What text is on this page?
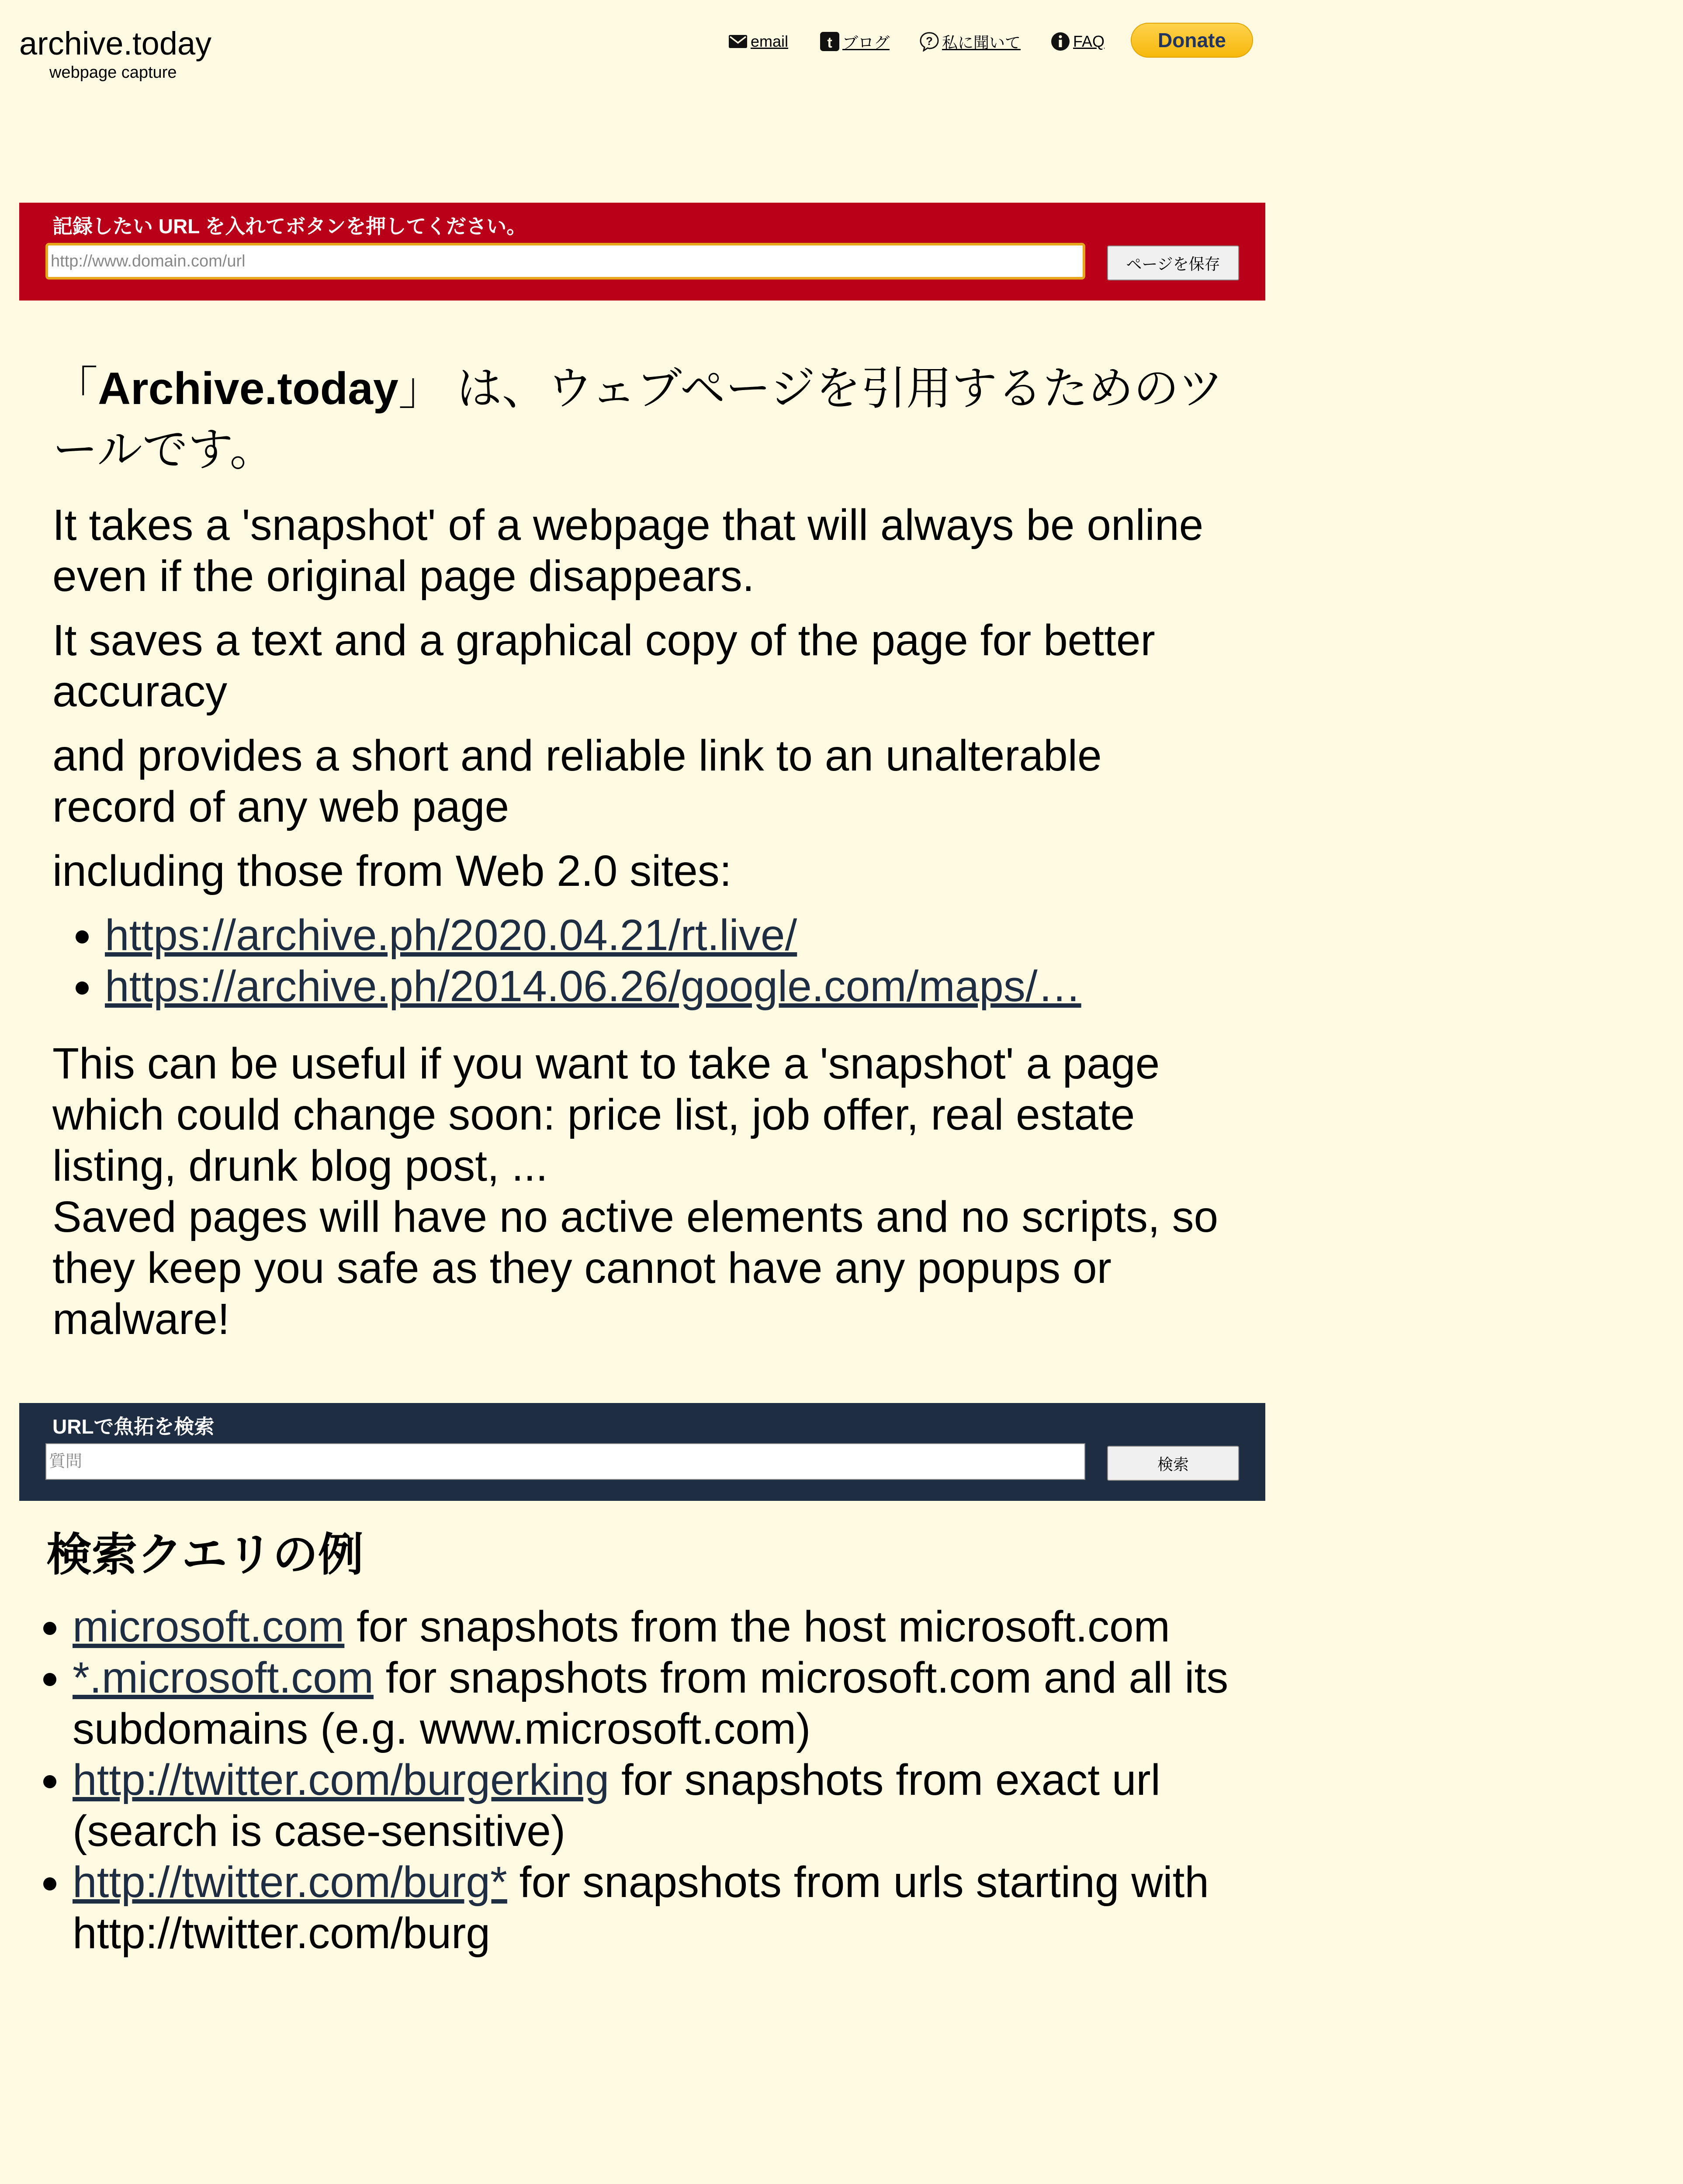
archive.today
webpage capture
email	t ブログ	? 私に聞いて	FAQ	Donate
記録したい URL を入れてボタンを押してください。
http://www.domain.com/url
ページを保存
「Archive.today」 は、ウェブページを引用するためのツールです。

It takes a 'snapshot' of a webpage that will always be online even if the original page disappears.

It saves a text and a graphical copy of the page for better accuracy

and provides a short and reliable link to an unalterable record of any web page

including those from Web 2.0 sites:

• https://archive.ph/2020.04.21/rt.live/
• https://archive.ph/2014.06.26/google.com/maps/…

This can be useful if you want to take a 'snapshot' a page which could change soon: price list, job offer, real estate listing, drunk blog post, ...
Saved pages will have no active elements and no scripts, so they keep you safe as they cannot have any popups or malware!

URLで魚拓を検索
質問
検索
検索クエリの例
• microsoft.com for snapshots from the host microsoft.com
• *.microsoft.com for snapshots from microsoft.com and all its subdomains (e.g. www.microsoft.com)
• http://twitter.com/burgerking for snapshots from exact url (search is case-sensitive)
• http://twitter.com/burg* for snapshots from urls starting with http://twitter.com/burg
